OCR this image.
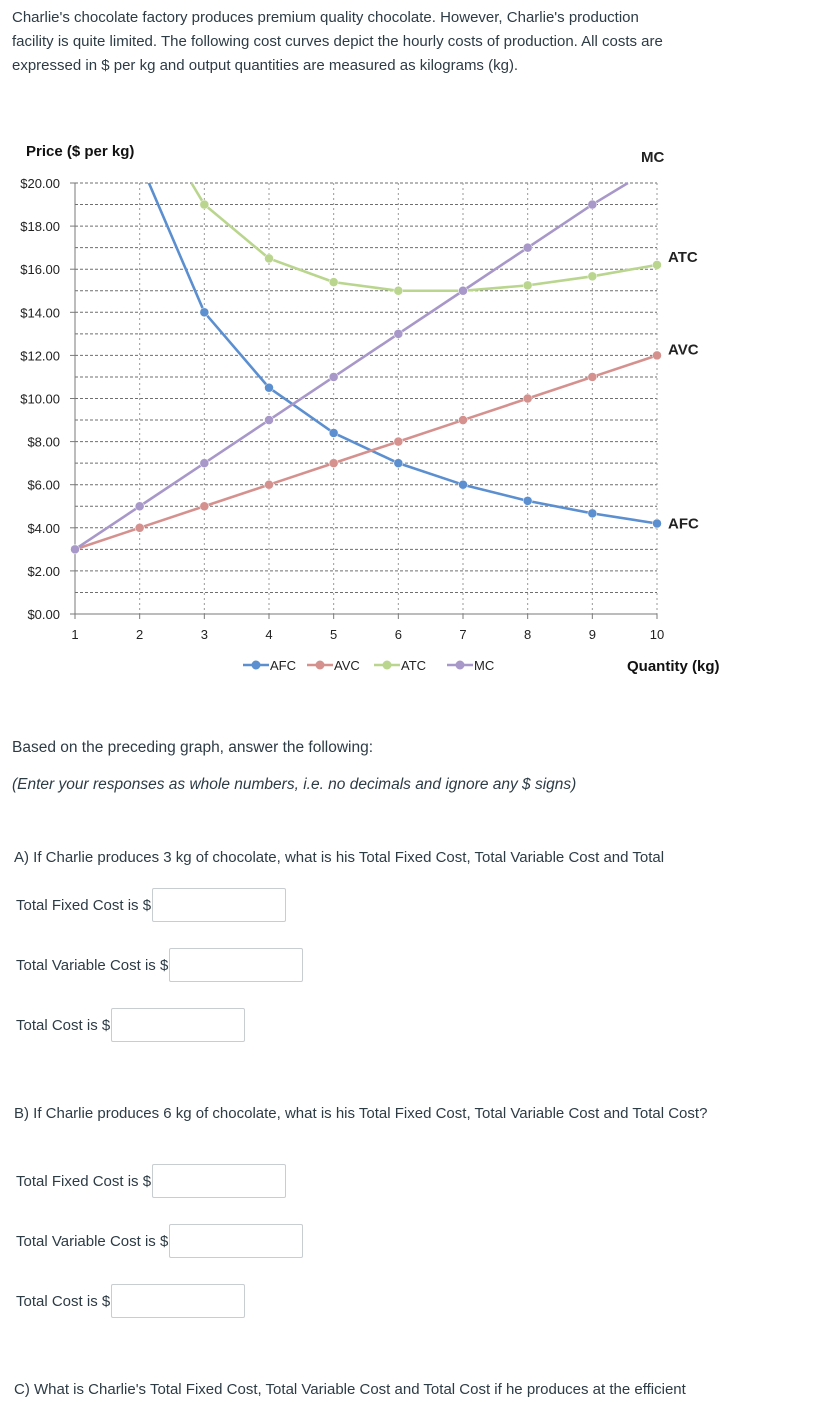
Charlie's chocolate factory produces premium quality chocolate. However, Charlie's production
facility is quite limited. The following cost curves depict the hourly costs of production. All costs are
expressed in $ per kg and output quantities are measured as kilograms (kg).
Price ($ per kg)
$0.00
$2.00
$4.00
$6.00
$8.00
$10.00
$12.00
$14.00
$16.00
$18.00
$20.00
1	2	3	4	5	6	7	8	9	10
AFC
AVC
ATC
MC
AFC	AVC	ATC	MC	Quantity (kg)
Based on the preceding graph, answer the following:
(Enter your responses as whole numbers, i.e. no decimals and ignore any $ signs)
A) If Charlie produces 3 kg of chocolate, what is his Total Fixed Cost, Total Variable Cost and Total
Total Fixed Cost is $
Total Variable Cost is $
Total Cost is $
B) If Charlie produces 6 kg of chocolate, what is his Total Fixed Cost, Total Variable Cost and Total Cost?
Total Fixed Cost is $
Total Variable Cost is $
Total Cost is $
C) What is Charlie's Total Fixed Cost, Total Variable Cost and Total Cost if he produces at the efficient
